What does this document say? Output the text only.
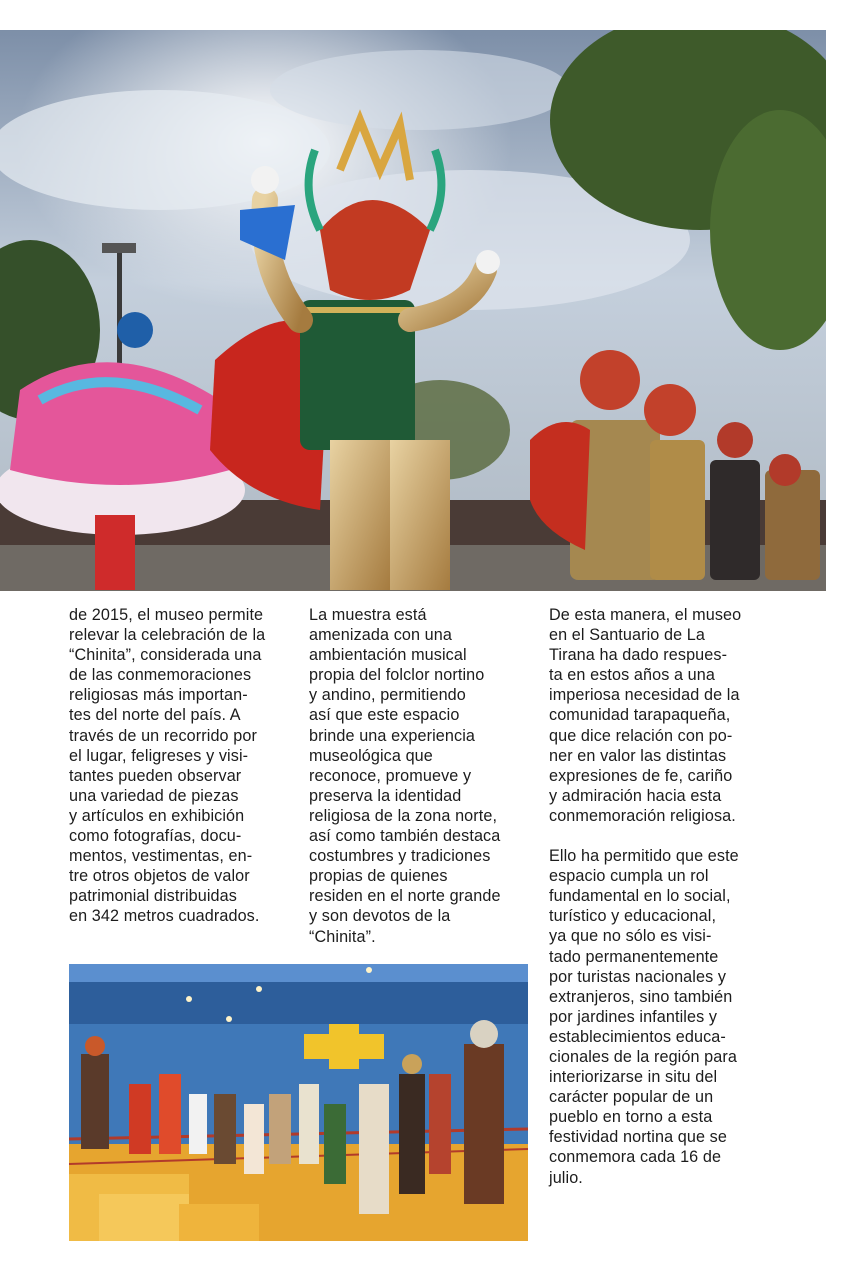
de 2015, el museo permite
relevar la celebración de la
“Chinita”, considerada una
de las conmemoraciones
religiosas más importan-
tes del norte del país. A
través de un recorrido por
el lugar, feligreses y visi-
tantes pueden observar
una variedad de piezas
y artículos en exhibición
como fotografías, docu-
mentos, vestimentas, en-
tre otros objetos de valor
patrimonial distribuidas
en 342 metros cuadrados.

La muestra está
amenizada con una
ambientación musical
propia del folclor nortino
y andino, permitiendo
así que este espacio
brinde una experiencia
museológica que
reconoce, promueve y
preserva la identidad
religiosa de la zona norte,
así como también destaca
costumbres y tradiciones
propias de quienes
residen en el norte grande
y son devotos de la
“Chinita”.

De esta manera, el museo
en el Santuario de La
Tirana ha dado respues-
ta en estos años a una
imperiosa necesidad de la
comunidad tarapaqueña,
que dice relación con po-
ner en valor las distintas
expresiones de fe, cariño
y admiración hacia esta
conmemoración religiosa.

Ello ha permitido que este
espacio cumpla un rol
fundamental en lo social,
turístico y educacional,
ya que no sólo es visi-
tado permanentemente
por turistas nacionales y
extranjeros, sino también
por jardines infantiles y
establecimientos educa-
cionales de la región para
interiorizarse in situ del
carácter popular de un
pueblo en torno a esta
festividad nortina que se
conmemora cada 16 de
julio.
